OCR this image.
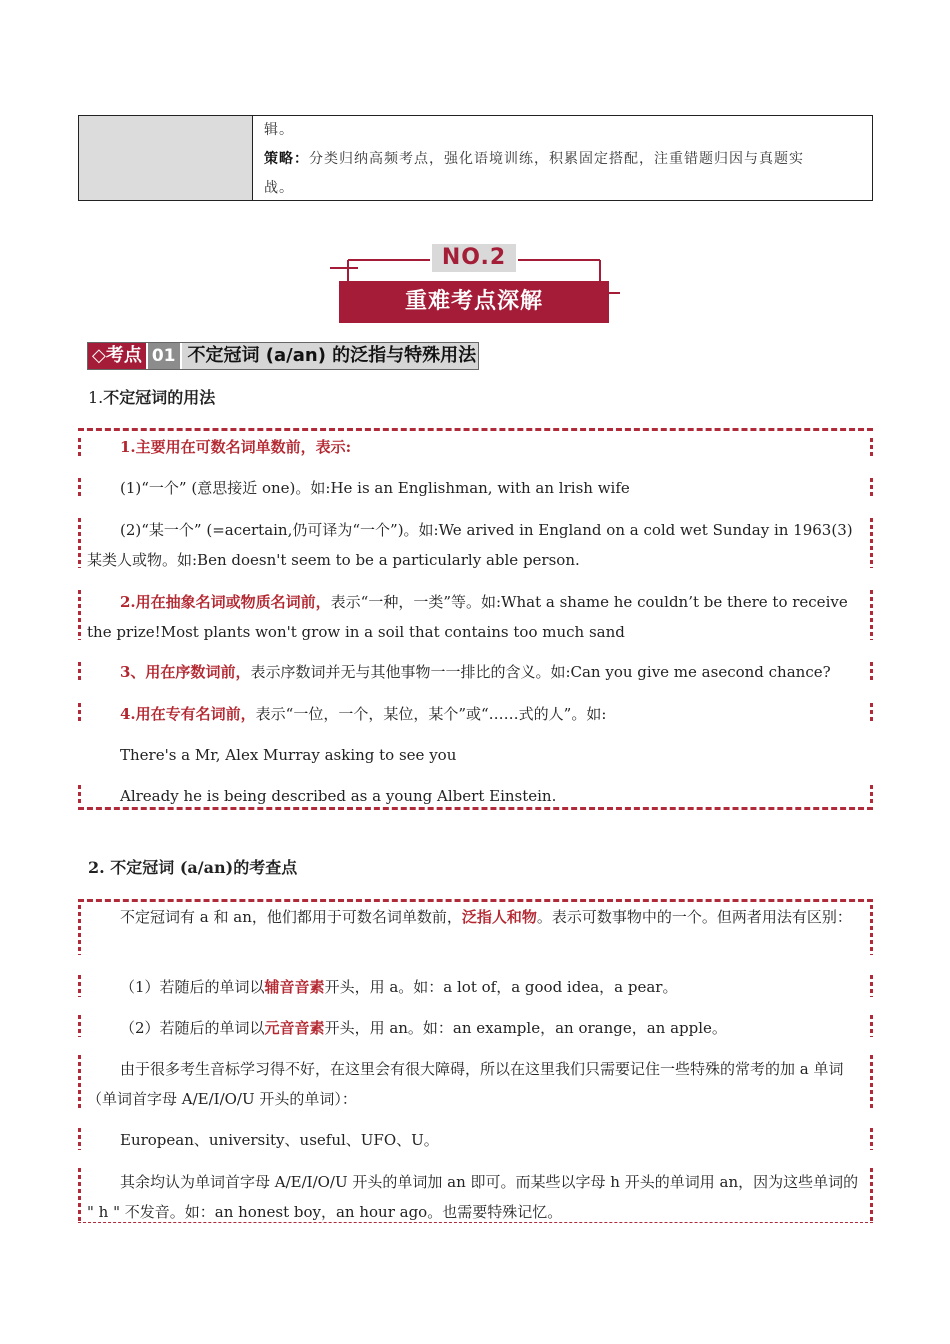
辑。
策略：分类归纳高频考点，强化语境训练，积累固定搭配，注重错题归因与真题实
战。
NO.2
重难考点深解
◇考点 01 不定冠词 (a/an) 的泛指与特殊用法
1.不定冠词的用法
1.主要用在可数名词单数前，表示:
(1)“一个” (意思接近 one)。如:He is an Englishman, with an lrish wife
(2)“某一个” (=acertain,仍可译为“一个”)。如:We arived in England on a cold wet Sunday in 1963(3)某类人或物。如:Ben doesn't seem to be a particularly able person.
2.用在抽象名词或物质名词前，表示“一种，一类”等。如:What a shame he couldn’t be there to receive the prize!Most plants won't grow in a soil that contains too much sand
3、用在序数词前，表示序数词并无与其他事物一一排比的含义。如:Can you give me asecond chance?
4.用在专有名词前，表示“一位，一个，某位，某个”或“……式的人”。如:
There's a Mr, Alex Murray asking to see you
Already he is being described as a young Albert Einstein.
2. 不定冠词 (a/an)的考查点
不定冠词有 a 和 an，他们都用于可数名词单数前，泛指人和物。表示可数事物中的一个。但两者用法有区别：
（1）若随后的单词以辅音音素开头，用 a。如：a lot of，a good idea，a pear。
（2）若随后的单词以元音音素开头，用 an。如：an example，an orange，an apple。
由于很多考生音标学习得不好，在这里会有很大障碍，所以在这里我们只需要记住一些特殊的常考的加 a 单词（单词首字母 A/E/I/O/U 开头的单词）：
European、university、useful、UFO、U。
其余均认为单词首字母 A/E/I/O/U 开头的单词加 an 即可。而某些以字母 h 开头的单词用 an，因为这些单词的 " h " 不发音。如：an honest boy，an hour ago。也需要特殊记忆。
